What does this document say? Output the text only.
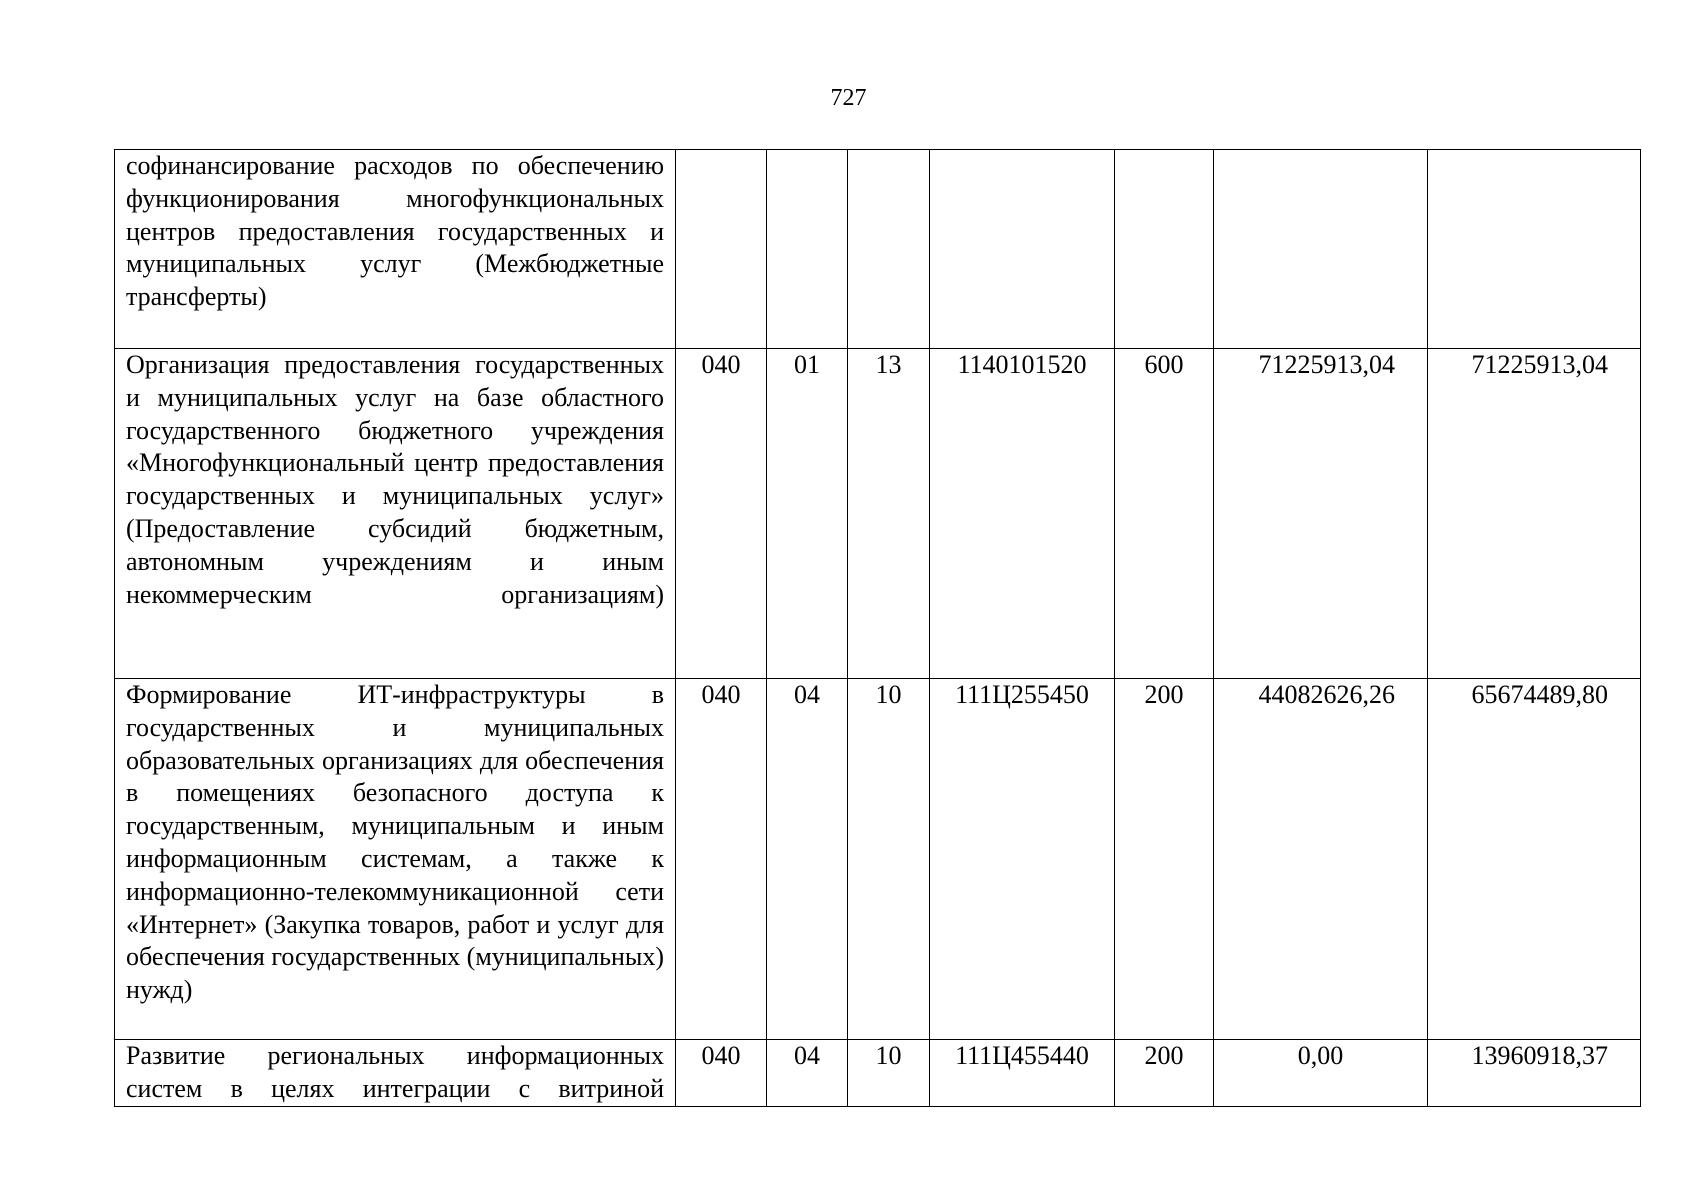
727
софинансирование расходов по обеспечению функционирования многофункциональных центров предоставления государственных и муниципальных услуг (Межбюджетные трансферты)							

Организация предоставления государственных и муниципальных услуг на базе областного государственного бюджетного учреждения «Многофункциональный центр предоставления государственных и муниципальных услуг» (Предоставление субсидий бюджетным, автономным учреждениям и иным некоммерческим организациям)	040	01	13	1140101520	600	71225913,04	71225913,04

Формирование ИТ-инфраструктуры в государственных и муниципальных образовательных организациях для обеспечения в помещениях безопасного доступа к государственным, муниципальным и иным информационным системам, а также к информационно-телекоммуникационной сети «Интернет» (Закупка товаров, работ и услуг для обеспечения государственных (муниципальных) нужд)	040	04	10	111Ц255450	200	44082626,26	65674489,80

Развитие региональных информационных систем в целях интеграции с витриной	040	04	10	111Ц455440	200	0,00	13960918,37
